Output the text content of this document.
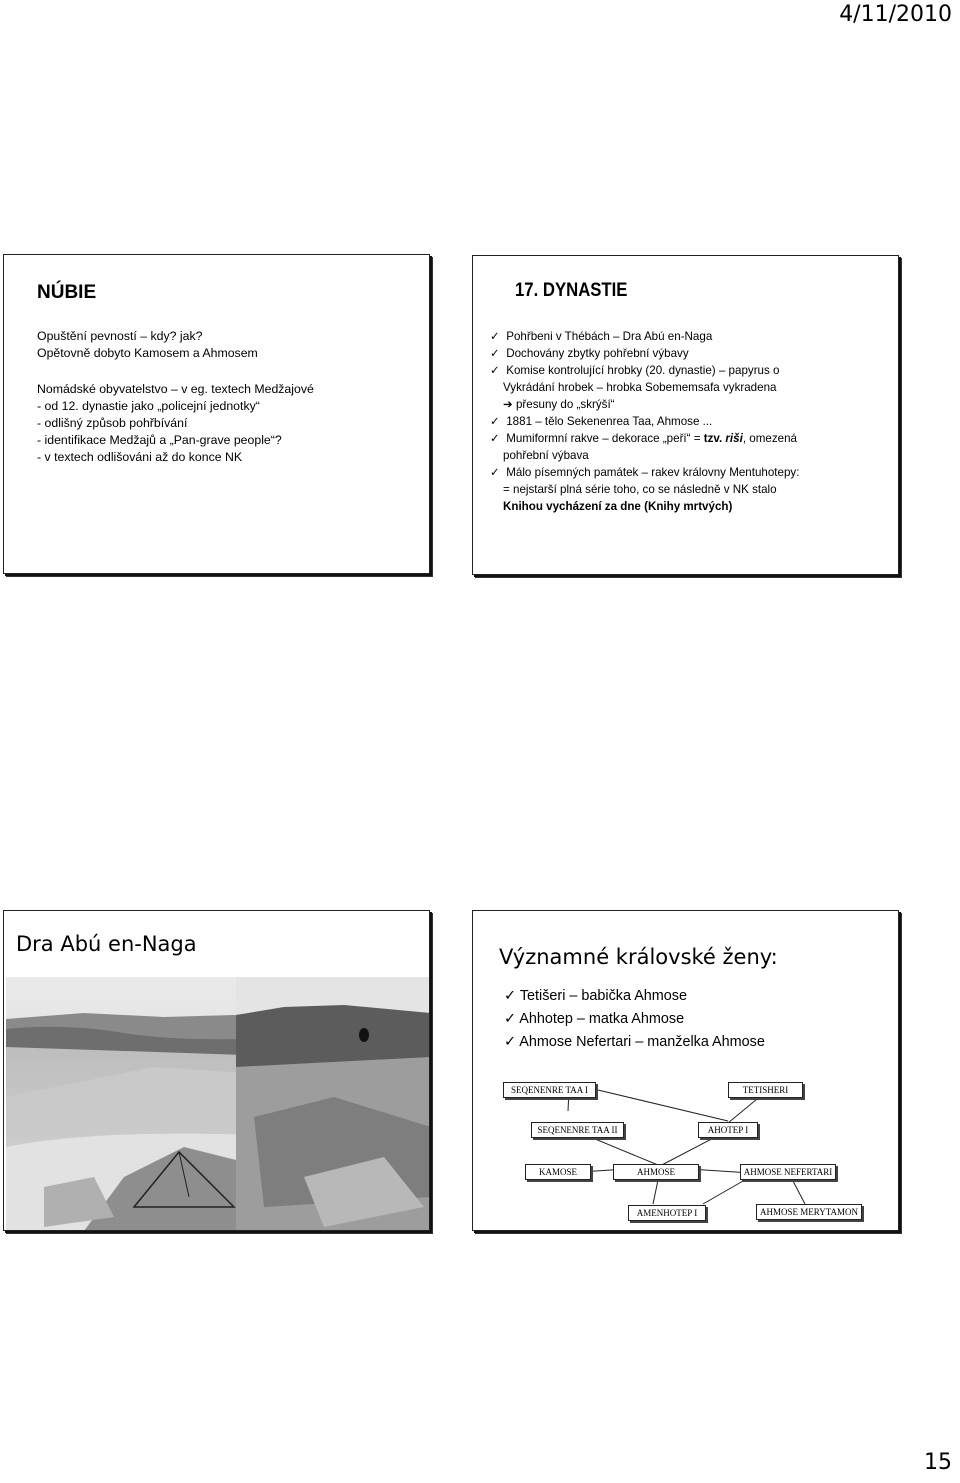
4/11/2010
NÚBIE
Opuštění pevností – kdy? jak?
Opětovně dobyto Kamosem a Ahmosem
Nomádské obyvatelstvo – v eg. textech Medžajové
- od 12. dynastie jako „policejní jednotky“
- odlišný způsob pohřbívání
- identifikace Medžajů a „Pan-grave people“?
- v textech odlišováni až do konce NK
17. DYNASTIE
✓ Pohřbeni v Thébách – Dra Abú en-Naga
✓ Dochovány zbytky pohřební výbavy
✓ Komise kontrolující hrobky (20. dynastie) – papyrus o
Vykrádání hrobek – hrobka Sobememsafa vykradena
➔ přesuny do „skrýší“
✓ 1881 – tělo Sekenenrea Taa, Ahmose ...
✓ Mumiformní rakve – dekorace „peří“ = tzv. riši, omezená
pohřební výbava
✓ Málo písemných památek – rakev královny Mentuhotepy:
= nejstarší plná série toho, co se následně v NK stalo
Knihou vycházení za dne (Knihy mrtvých)
Dra Abú en-Naga
Významné královské ženy:
✓ Tetišeri – babička Ahmose
✓ Ahhotep – matka Ahmose
✓ Ahmose Nefertari – manželka Ahmose
SEQENENRE TAA I	TETISHERI
SEQENENRE TAA II	AHOTEP I
KAMOSE	AHMOSE	AHMOSE NEFERTARI
AMENHOTEP I	AHMOSE MERYTAMON
15
